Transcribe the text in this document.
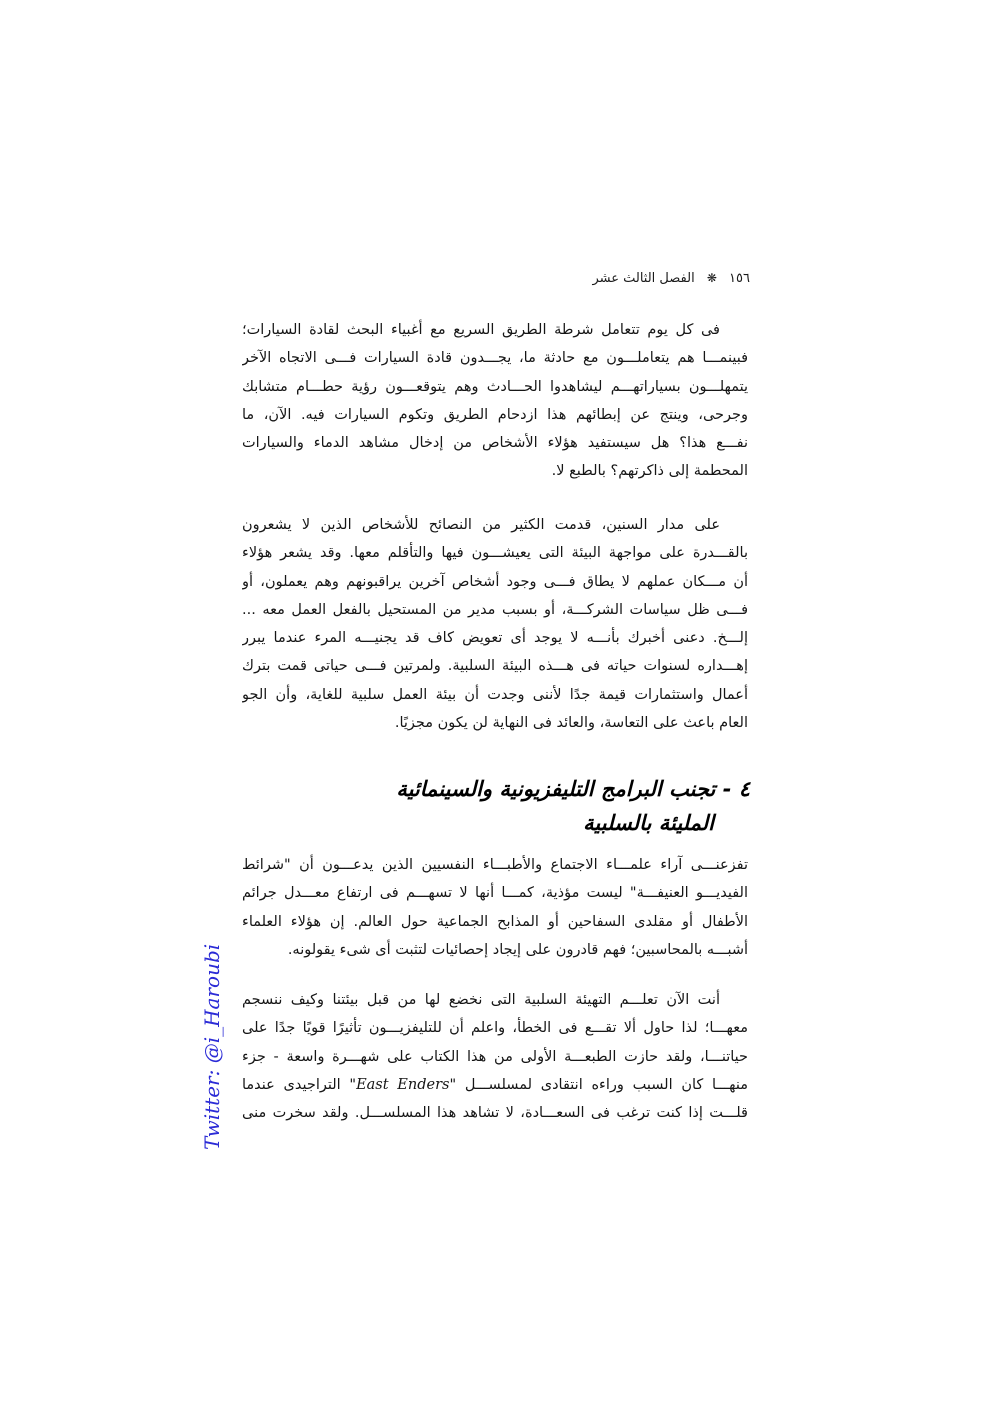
١٥٦ ❋ الفصل الثالث عشر
فى كل يوم تتعامل شرطة الطريق السريع مع أغبياء البحث لقادة السيارات؛
فبينمـــا هم يتعاملـــون مع حادثة ما، يجـــدون قادة السيارات فـــى الاتجاه الآخر
يتمهلـــون بسياراتهـــم ليشاهدوا الحـــادث وهم يتوقعـــون رؤية حطـــام متشابك
وجرحى، وينتج عن إبطائهم هذا ازدحام الطريق وتكوم السيارات فيه. الآن، ما
نفـــع هذا؟ هل سيستفيد هؤلاء الأشخاص من إدخال مشاهد الدماء والسيارات
المحطمة إلى ذاكرتهم؟ بالطبع لا.
على مدار السنين، قدمت الكثير من النصائح للأشخاص الذين لا يشعرون
بالقـــدرة على مواجهة البيئة التى يعيشـــون فيها والتأقلم معها. وقد يشعر هؤلاء
أن مـــكان عملهم لا يطاق فـــى وجود أشخاص آخرين يراقبونهم وهم يعملون، أو
فـــى ظل سياسات الشركـــة، أو بسبب مدير من المستحيل بالفعل العمل معه ...
إلـــخ. دعنى أخبرك بأنـــه لا يوجد أى تعويض كاف قد يجنيـــه المرء عندما يبرر
إهـــداره لسنوات حياته فى هـــذه البيئة السلبية. ولمرتين فـــى حياتى قمت بترك
أعمال واستثمارات قيمة جدًا لأننى وجدت أن بيئة العمل سلبية للغاية، وأن الجو
العام باعث على التعاسة، والعائد فى النهاية لن يكون مجزيًا.
٤ - تجنب البرامج التليفزيونية والسينمائية
المليئة بالسلبية
تفزعنـــى آراء علمـــاء الاجتماع والأطبـــاء النفسيين الذين يدعـــون أن "شرائط
الفيديـــو العنيفـــة" ليست مؤذية، كمـــا أنها لا تسهـــم فى ارتفاع معـــدل جرائم
الأطفال أو مقلدى السفاحين أو المذابح الجماعية حول العالم. إن هؤلاء العلماء
أشبـــه بالمحاسبين؛ فهم قادرون على إيجاد إحصائيات لتثبت أى شىء يقولونه.
أنت الآن تعلـــم التهيئة السلبية التى نخضع لها من قبل بيئتنا وكيف ننسجم
معهـــا؛ لذا حاول ألا تقـــع فى الخطأ، واعلم أن للتليفزيـــون تأثيرًا قويًا جدًا على
حياتنـــا، ولقد حازت الطبعـــة الأولى من هذا الكتاب على شهـــرة واسعة - جزء
منهـــا كان السبب وراءه انتقادى لمسلســـل "East Enders" التراجيدى عندما
قلـــت إذا كنت ترغب فى السعـــادة، لا تشاهد هذا المسلســـل. ولقد سخرت منى
Twitter: @i_Haroubi
